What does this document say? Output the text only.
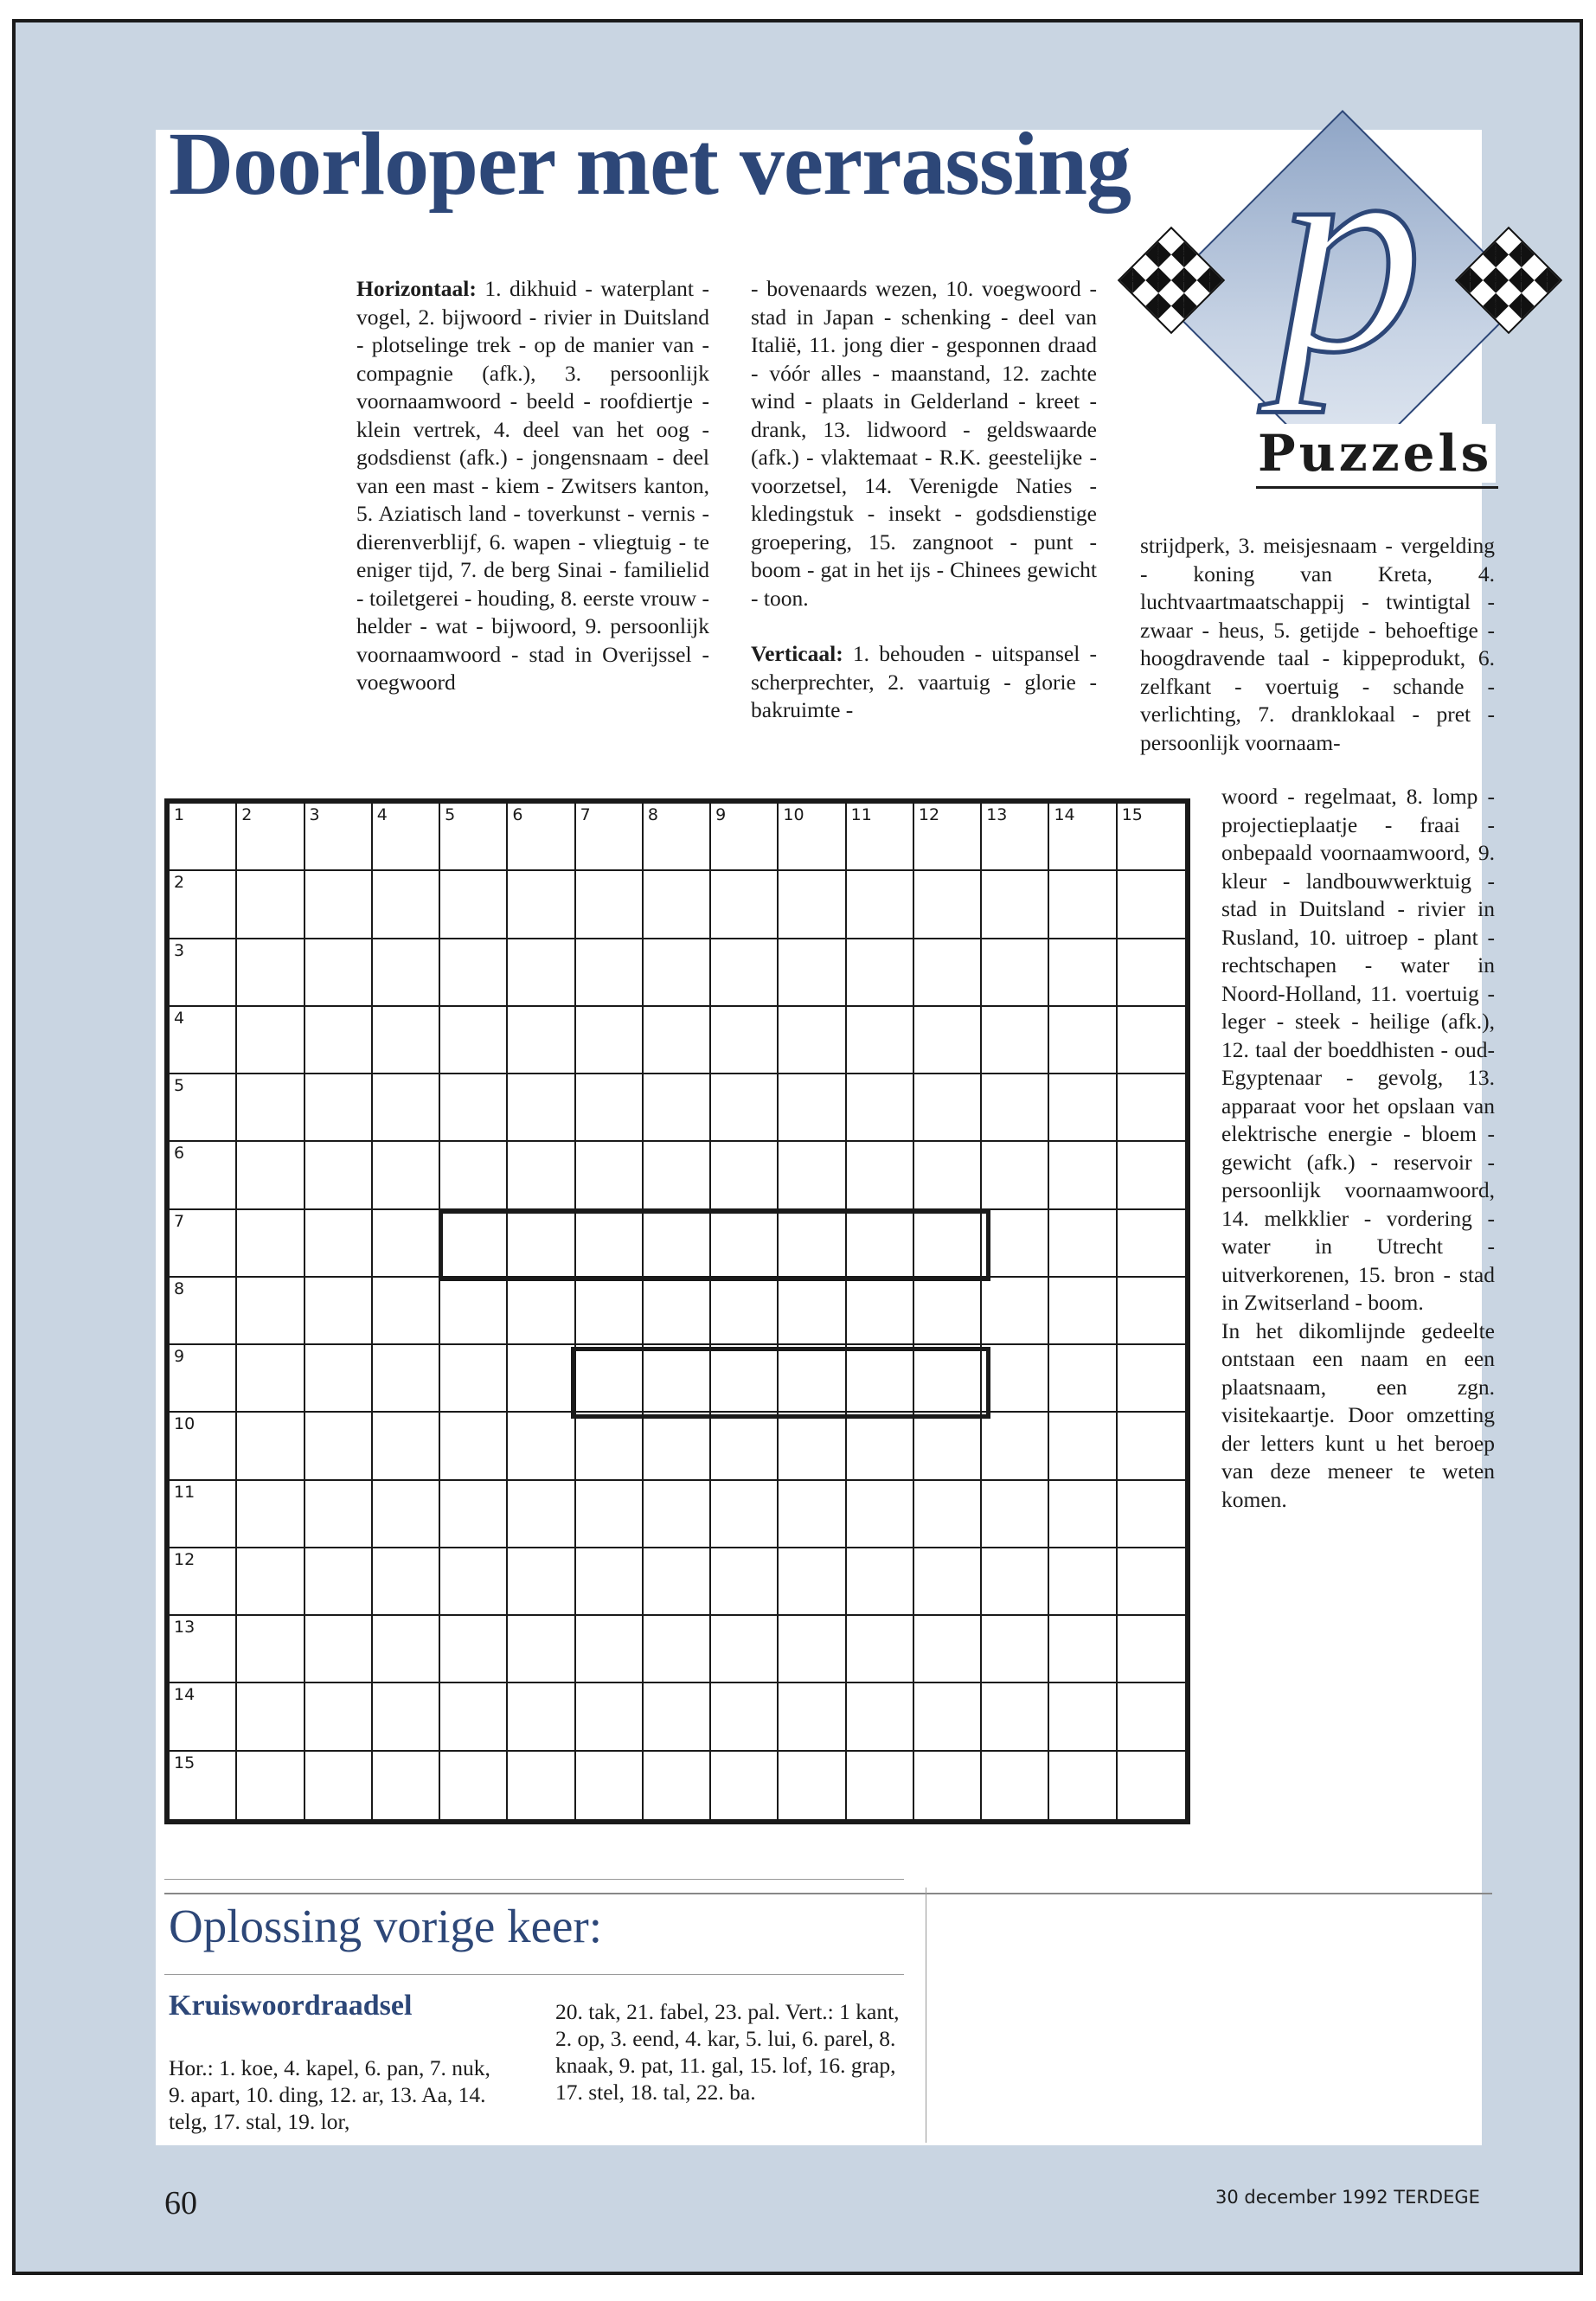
Doorloper met verrassing p
Puzzels

Horizontaal: 1. dikhuid - waterplant - vogel, 2. bijwoord - rivier in Duitsland - plotselinge trek - op de manier van - compagnie (afk.), 3. persoonlijk voornaamwoord - beeld - roofdiertje - klein vertrek, 4. deel van het oog - godsdienst (afk.) - jongensnaam - deel van een mast - kiem - Zwitsers kanton, 5. Aziatisch land - toverkunst - vernis - dierenverblijf, 6. wapen - vliegtuig - te eniger tijd, 7. de berg Sinai - familielid - toiletgerei - houding, 8. eerste vrouw - helder - wat - bijwoord, 9. persoonlijk voornaamwoord - stad in Overijssel - voegwoord

- bovenaards wezen, 10. voegwoord - stad in Japan - schenking - deel van Italië, 11. jong dier - gesponnen draad - vóór alles - maanstand, 12. zachte wind - plaats in Gelderland - kreet - drank, 13. lidwoord - geldswaarde (afk.) - vlaktemaat - R.K. geestelijke - voorzetsel, 14. Verenigde Naties - kledingstuk - insekt - godsdienstige groepering, 15. zangnoot - punt - boom - gat in het ijs - Chinees gewicht - toon.

Verticaal: 1. behouden - uitspansel - scherprechter, 2. vaartuig - glorie - bakruimte -

strijdperk, 3. meisjesnaam - vergelding - koning van Kreta, 4. luchtvaartmaatschappij - twintigtal - zwaar - heus, 5. getijde - behoeftige - hoogdravende taal - kippeprodukt, 6. zelfkant - voertuig - schande - verlichting, 7. dranklokaal - pret - persoonlijk voornaam-

woord - regelmaat, 8. lomp - projectieplaatje - fraai - onbepaald voornaamwoord, 9. kleur - landbouwwerktuig - stad in Duitsland - rivier in Rusland, 10. uitroep - plant - rechtschapen - water in Noord-Holland, 11. voertuig - leger - steek - heilige (afk.), 12. taal der boeddhisten - oud-Egyptenaar - gevolg, 13. apparaat voor het opslaan van elektrische energie - bloem - gewicht (afk.) - reservoir - persoonlijk voornaamwoord, 14. melkklier - vordering - water in Utrecht - uitverkorenen, 15. bron - stad in Zwitserland - boom.

In het dikomlijnde gedeelte ontstaan een naam en een plaatsnaam, een zgn. visitekaartje. Door omzetting der letters kunt u het beroep van deze meneer te weten komen.

1	2	3	4	5	6	7	8	9	10	11	12	13	14	15
2
3
4
5
6
7
8
9
10
11
12
13
14
15
Oplossing vorige keer:
Kruiswoordraadsel
Hor.: 1. koe, 4. kapel, 6. pan, 7. nuk, 9. apart, 10. ding, 12. ar, 13. Aa, 14. telg, 17. stal, 19. lor,
20. tak, 21. fabel, 23. pal. Vert.: 1 kant, 2. op, 3. eend, 4. kar, 5. lui, 6. parel, 8. knaak, 9. pat, 11. gal, 15. lof, 16. grap, 17. stel, 18. tal, 22. ba.
60	30 december 1992 TERDEGE
